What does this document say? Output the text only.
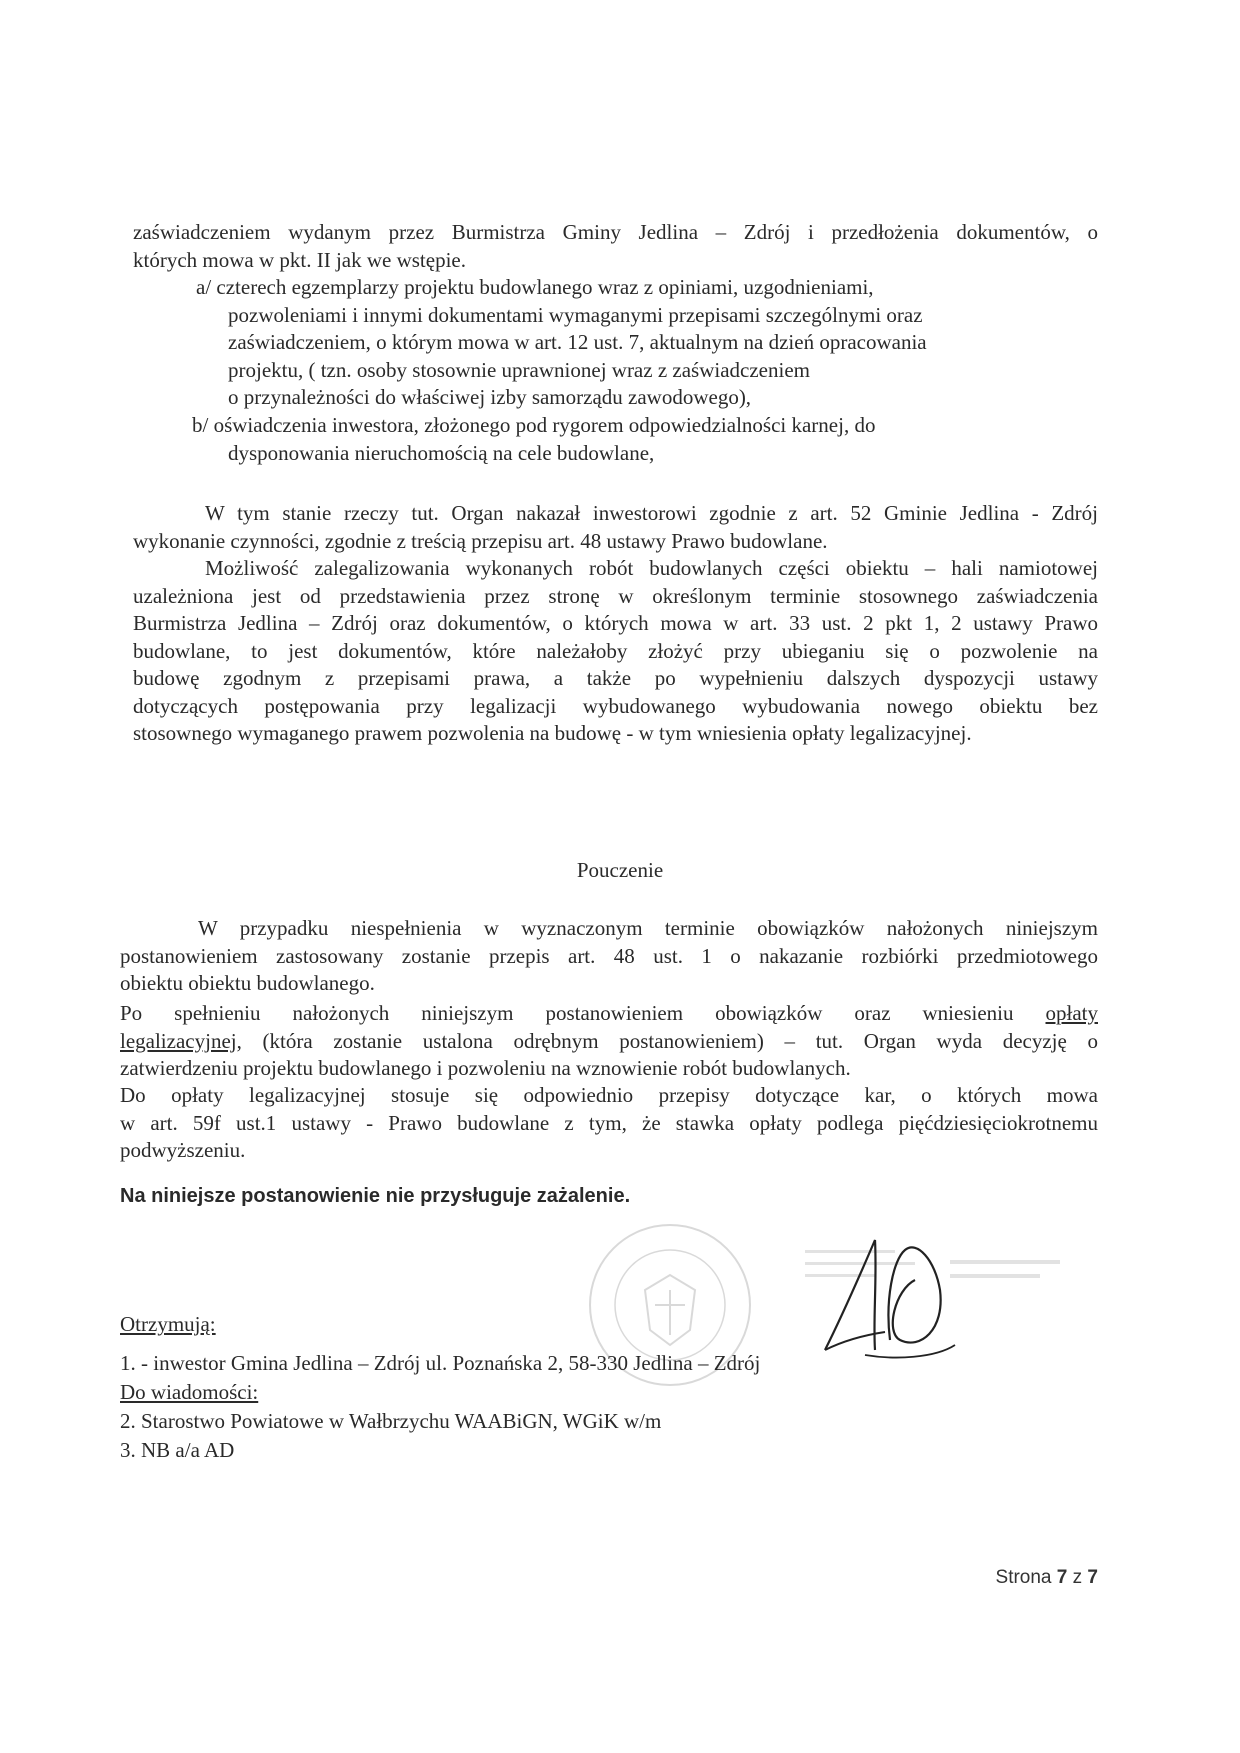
zaświadczeniem wydanym przez Burmistrza Gminy Jedlina – Zdrój i przedłożenia dokumentów, o
których mowa w pkt. II jak we wstępie.
a/ czterech egzemplarzy projektu budowlanego wraz z opiniami, uzgodnieniami,
pozwoleniami i innymi dokumentami wymaganymi przepisami szczególnymi oraz
zaświadczeniem, o którym mowa w art. 12 ust. 7, aktualnym na dzień opracowania
projektu, ( tzn. osoby stosownie uprawnionej wraz z zaświadczeniem
o przynależności do właściwej izby samorządu zawodowego),
b/ oświadczenia inwestora, złożonego pod rygorem odpowiedzialności karnej, do
dysponowania nieruchomością na cele budowlane,
W tym stanie rzeczy tut. Organ nakazał inwestorowi zgodnie z art. 52 Gminie Jedlina - Zdrój
wykonanie czynności, zgodnie z treścią przepisu art. 48 ustawy Prawo budowlane.
Możliwość zalegalizowania wykonanych robót budowlanych części obiektu – hali namiotowej
uzależniona jest od przedstawienia przez stronę w określonym terminie stosownego zaświadczenia
Burmistrza Jedlina – Zdrój oraz dokumentów, o których mowa w art. 33 ust. 2 pkt 1, 2 ustawy Prawo
budowlane, to jest dokumentów, które należałoby złożyć przy ubieganiu się o pozwolenie na
budowę zgodnym z przepisami prawa, a także po wypełnieniu dalszych dyspozycji ustawy
dotyczących postępowania przy legalizacji wybudowanego wybudowania nowego obiektu bez
stosownego wymaganego prawem pozwolenia na budowę - w tym wniesienia opłaty legalizacyjnej.
Pouczenie
W przypadku niespełnienia w wyznaczonym terminie obowiązków nałożonych niniejszym
postanowieniem zastosowany zostanie przepis art. 48 ust. 1 o nakazanie rozbiórki przedmiotowego
obiektu obiektu budowlanego.
Po spełnieniu nałożonych niniejszym postanowieniem obowiązków oraz wniesieniu opłaty
legalizacyjnej, (która zostanie ustalona odrębnym postanowieniem) – tut. Organ wyda decyzję o
zatwierdzeniu projektu budowlanego i pozwoleniu na wznowienie robót budowlanych.
Do opłaty legalizacyjnej stosuje się odpowiednio przepisy dotyczące kar, o których mowa
w art. 59f ust.1 ustawy - Prawo budowlane z tym, że stawka opłaty podlega pięćdziesięciokrotnemu
podwyższeniu.
Na niniejsze postanowienie nie przysługuje zażalenie.
Otrzymują:
1. - inwestor Gmina Jedlina – Zdrój ul. Poznańska 2, 58-330 Jedlina – Zdrój
Do wiadomości:
2. Starostwo Powiatowe w Wałbrzychu WAABiGN, WGiK w/m
3. NB a/a AD
Strona 7 z 7
